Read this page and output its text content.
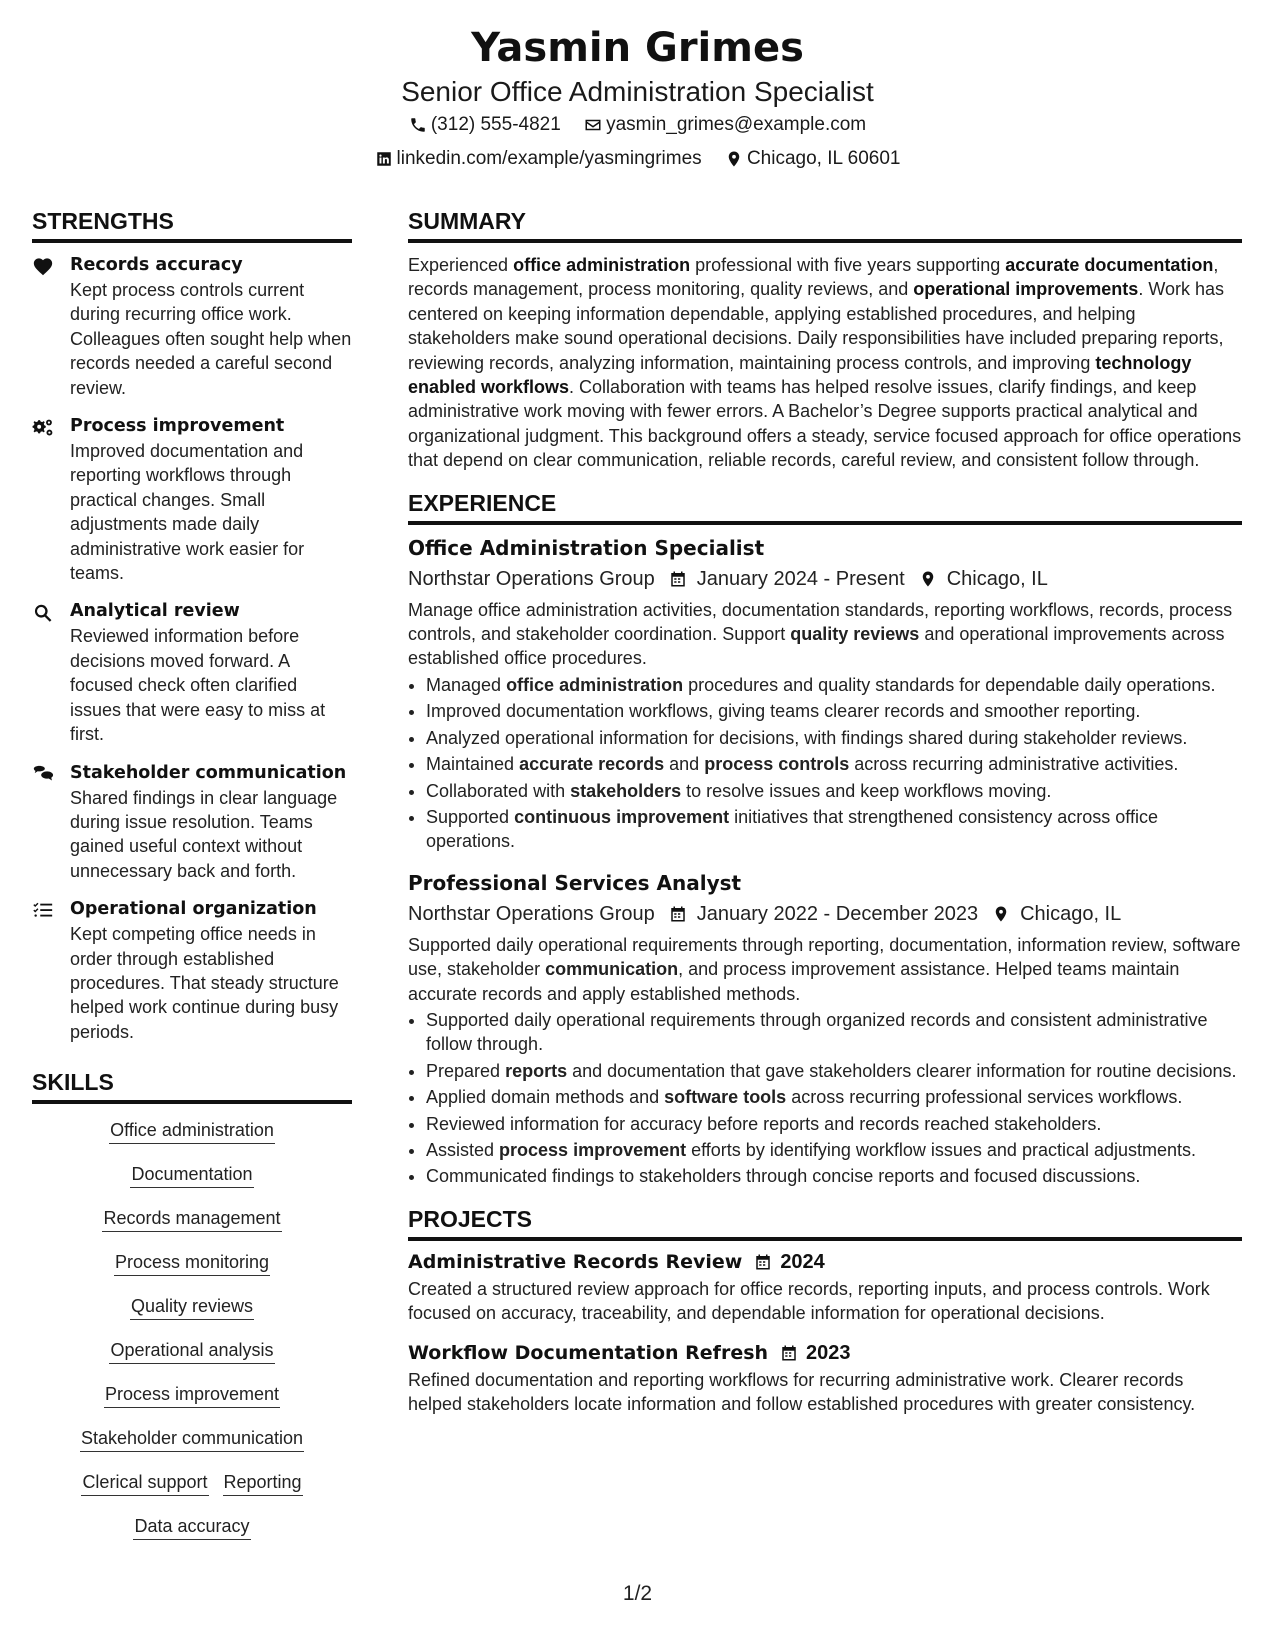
Yasmin Grimes
Senior Office Administration Specialist
(312) 555-4821
yasmin_grimes@example.com
linkedin.com/example/yasmingrimes
Chicago, IL 60601
STRENGTHS
Records accuracy
Kept process controls current during recurring office work. Colleagues often sought help when records needed a careful second review.
Process improvement
Improved documentation and reporting workflows through practical changes. Small adjustments made daily administrative work easier for teams.
Analytical review
Reviewed information before decisions moved forward. A focused check often clarified issues that were easy to miss at first.
Stakeholder communication
Shared findings in clear language during issue resolution. Teams gained useful context without unnecessary back and forth.
Operational organization
Kept competing office needs in order through established procedures. That steady structure helped work continue during busy periods.
SKILLS
Office administration
Documentation
Records management
Process monitoring
Quality reviews
Operational analysis
Process improvement
Stakeholder communication
Clerical support Reporting
Data accuracy
SUMMARY

Experienced office administration professional with five years supporting accurate documentation, records management, process monitoring, quality reviews, and operational improvements. Work has centered on keeping information dependable, applying established procedures, and helping stakeholders make sound operational decisions. Daily responsibilities have included preparing reports, reviewing records, analyzing information, maintaining process controls, and improving technology enabled workflows. Collaboration with teams has helped resolve issues, clarify findings, and keep administrative work moving with fewer errors. A Bachelor’s Degree supports practical analytical and organizational judgment. This background offers a steady, service focused approach for office operations that depend on clear communication, reliable records, careful review, and consistent follow through.

EXPERIENCE
Office Administration Specialist
Northstar Operations Group January 2024 - Present Chicago, IL
Manage office administration activities, documentation standards, reporting workflows, records, process controls, and stakeholder coordination. Support quality reviews and operational improvements across established office procedures.
• Managed office administration procedures and quality standards for dependable daily operations.
• Improved documentation workflows, giving teams clearer records and smoother reporting.
• Analyzed operational information for decisions, with findings shared during stakeholder reviews.
• Maintained accurate records and process controls across recurring administrative activities.
• Collaborated with stakeholders to resolve issues and keep workflows moving.
• Supported continuous improvement initiatives that strengthened consistency across office operations.
Professional Services Analyst
Northstar Operations Group January 2022 - December 2023 Chicago, IL
Supported daily operational requirements through reporting, documentation, information review, software use, stakeholder communication, and process improvement assistance. Helped teams maintain accurate records and apply established methods.
• Supported daily operational requirements through organized records and consistent administrative follow through.
• Prepared reports and documentation that gave stakeholders clearer information for routine decisions.
• Applied domain methods and software tools across recurring professional services workflows.
• Reviewed information for accuracy before reports and records reached stakeholders.
• Assisted process improvement efforts by identifying workflow issues and practical adjustments.
• Communicated findings to stakeholders through concise reports and focused discussions.
PROJECTS
Administrative Records Review 2024
Created a structured review approach for office records, reporting inputs, and process controls. Work focused on accuracy, traceability, and dependable information for operational decisions.
Workflow Documentation Refresh 2023
Refined documentation and reporting workflows for recurring administrative work. Clearer records helped stakeholders locate information and follow established procedures with greater consistency.
1/2
